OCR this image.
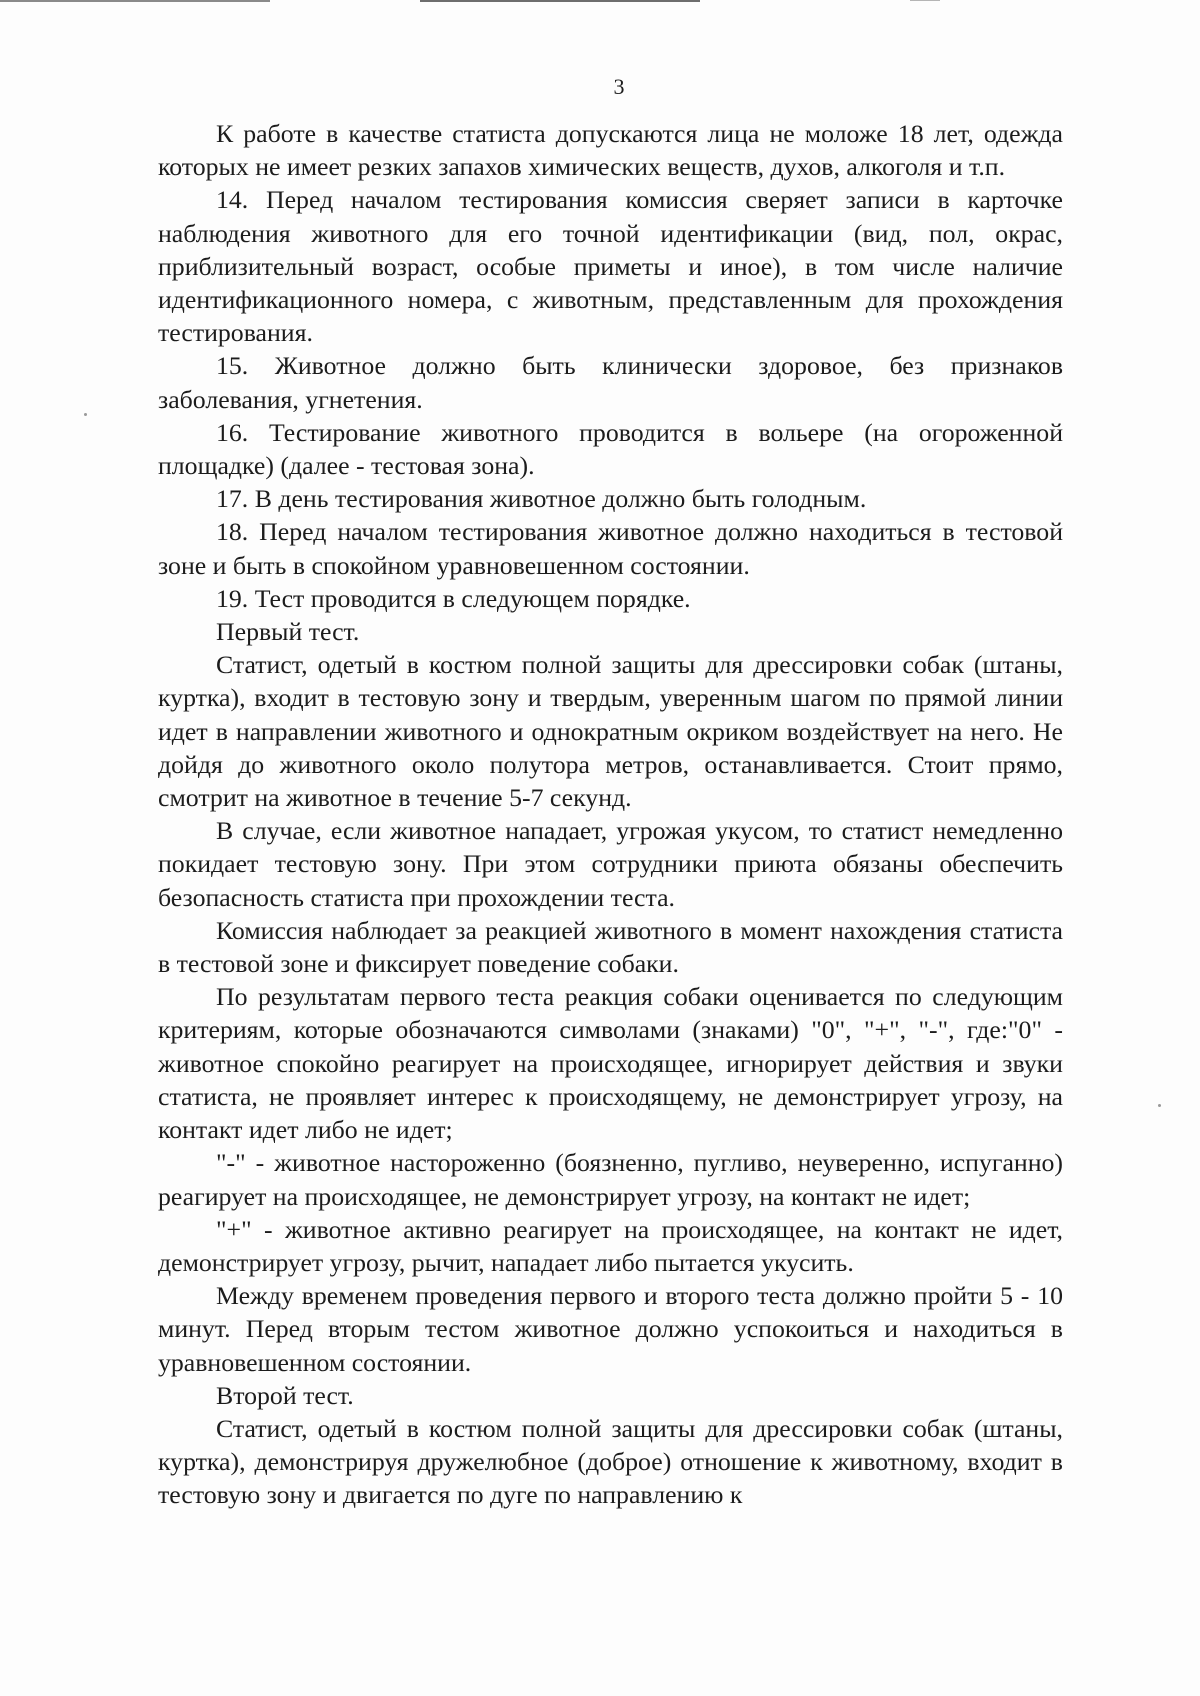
3

К работе в качестве статиста допускаются лица не моложе 18 лет, одежда которых не имеет резких запахов химических веществ, духов, алкоголя и т.п.

14. Перед началом тестирования комиссия сверяет записи в карточке наблюдения животного для его точной идентификации (вид, пол, окрас, приблизительный возраст, особые приметы и иное), в том числе наличие идентификационного номера, с животным, представленным для прохождения тестирования.

15. Животное должно быть клинически здоровое, без признаков заболевания, угнетения.

16. Тестирование животного проводится в вольере (на огороженной площадке) (далее - тестовая зона).

17. В день тестирования животное должно быть голодным.

18. Перед началом тестирования животное должно находиться в тестовой зоне и быть в спокойном уравновешенном состоянии.

19. Тест проводится в следующем порядке.

Первый тест.

Статист, одетый в костюм полной защиты для дрессировки собак (штаны, куртка), входит в тестовую зону и твердым, уверенным шагом по прямой линии идет в направлении животного и однократным окриком воздействует на него. Не дойдя до животного около полутора метров, останавливается. Стоит прямо, смотрит на животное в течение 5-7 секунд.

В случае, если животное нападает, угрожая укусом, то статист немедленно покидает тестовую зону. При этом сотрудники приюта обязаны обеспечить безопасность статиста при прохождении теста.

Комиссия наблюдает за реакцией животного в момент нахождения статиста в тестовой зоне и фиксирует поведение собаки.

По результатам первого теста реакция собаки оценивается по следующим критериям, которые обозначаются символами (знаками) "0", "+", "-", где:"0" - животное спокойно реагирует на происходящее, игнорирует действия и звуки статиста, не проявляет интерес к происходящему, не демонстрирует угрозу, на контакт идет либо не идет;

"-" - животное настороженно (боязненно, пугливо, неуверенно, испуганно) реагирует на происходящее, не демонстрирует угрозу, на контакт не идет;

"+" - животное активно реагирует на происходящее, на контакт не идет, демонстрирует угрозу, рычит, нападает либо пытается укусить.

Между временем проведения первого и второго теста должно пройти 5 - 10 минут. Перед вторым тестом животное должно успокоиться и находиться в уравновешенном состоянии.

Второй тест.

Статист, одетый в костюм полной защиты для дрессировки собак (штаны, куртка), демонстрируя дружелюбное (доброе) отношение к животному, входит в тестовую зону и двигается по дуге по направлению к
